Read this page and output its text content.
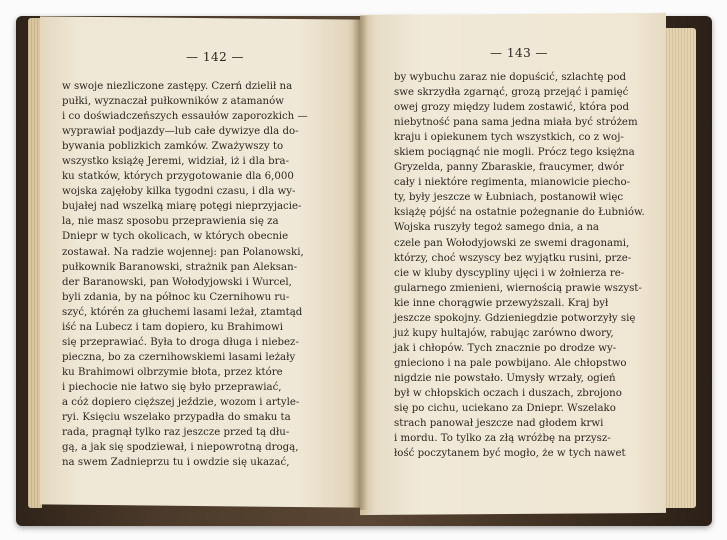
— 142 —	— 143 —
w swoje niezliczone zastępy. Czerń dzielił na
pułki, wyznaczał pułkowników z atamanów
i co doświadczeńszych essaułów zaporozkich —
wyprawiał podjazdy—lub całe dywizye dla do-
bywania poblizkich zamków. Zważywszy to
wszystko książę Jeremi, widział, iż i dla bra-
ku statków, których przygotowanie dla 6,000
wojska zajęłoby kilka tygodni czasu, i dla wy-
bujałej nad wszelką miarę potęgi nieprzyjacie-
la, nie masz sposobu przeprawienia się za
Dniepr w tych okolicach, w których obecnie
zostawał. Na radzie wojennej: pan Polanowski,
pułkownik Baranowski, strażnik pan Aleksan-
der Baranowski, pan Wołodyjowski i Wurcel,
byli zdania, by na północ ku Czernihowu ru-
szyć, którén za głuchemi lasami leżał, ztamtąd
iść na Lubecz i tam dopiero, ku Brahimowi
się przeprawiać. Była to droga długa i niebez-
pieczna, bo za czernihowskiemi lasami leżały
ku Brahimowi olbrzymie błota, przez które
i piechocie nie łatwo się było przeprawiać,
a cóż dopiero cięższej jeździe, wozom i artyle-
ryi. Księciu wszelako przypadła do smaku ta
rada, pragnął tylko raz jeszcze przed tą dłu-
gą, a jak się spodziewał, i niepowrotną drogą,
na swem Zadnieprzu tu i owdzie się ukazać,
by wybuchu zaraz nie dopuścić, szlachtę pod
swe skrzydła zgarnąć, grozą przejąć i pamięć
owej grozy między ludem zostawić, która pod
niebytność pana sama jedna miała być stróżem
kraju i opiekunem tych wszystkich, co z woj-
skiem pociągnąć nie mogli. Prócz tego księżna
Gryzelda, panny Zbaraskie, fraucymer, dwór
cały i niektóre regimenta, mianowicie piecho-
ty, były jeszcze w Łubniach, postanowił więc
książę pójść na ostatnie pożegnanie do Łubniów.
Wojska ruszyły tegoż samego dnia, a na
czele pan Wołodyjowski ze swemi dragonami,
którzy, choć wszyscy bez wyjątku rusini, prze-
cie w kluby dyscypliny ujęci i w żołnierza re-
gularnego zmienieni, wiernością prawie wszyst-
kie inne chorągwie przewyższali. Kraj był
jeszcze spokojny. Gdzieniegdzie potworzyły się
już kupy hultajów, rabując zarówno dwory,
jak i chłopów. Tych znacznie po drodze wy-
gnieciono i na pale powbijano. Ale chłopstwo
nigdzie nie powstało. Umysły wrzały, ogień
był w chłopskich oczach i duszach, zbrojono
się po cichu, uciekano za Dniepr. Wszelako
strach panował jeszcze nad głodem krwi
i mordu. To tylko za złą wróżbę na przysz-
łość poczytanem być mogło, że w tych nawet
